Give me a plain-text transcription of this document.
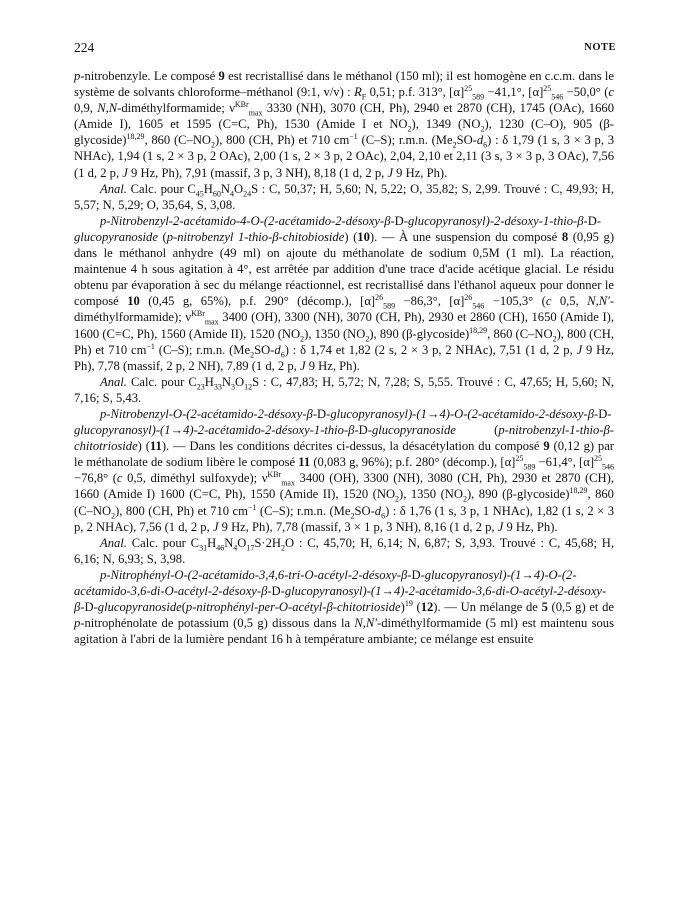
224	NOTE

p-nitrobenzyle. Le composé 9 est recristallisé dans le méthanol (150 ml); il est homogène en c.c.m. dans le système de solvants chloroforme–méthanol (9:1, v/v) : $R_F$ 0,51; p.f. 313°, $[\alpha]^{25}_{589} -41,1^\circ$, $[\alpha]^{25}_{546} -50,0^\circ$ (c 0,9, N,N-diméthylformamide; $\nu^{KBr}_{max}$ 3330 (NH), 3070 (CH, Ph), 2940 et 2870 (CH), 1745 (OAc), 1660 (Amide I), 1605 et 1595 (C=C, Ph), 1530 (Amide I et $NO_2$), 1349 $(NO_2)$, 1230 (C–O), 905 (β-glycoside)$^{18,29}$, 860 $(C-NO_2)$, 800 (CH, Ph) et 710 $cm^{-1}$ (C–S); r.m.n. $(Me_2SO-d_6)$ : δ 1,79 (1 s, 3 × 3 p, 3 NHAc), 1,94 (1 s, 2 × 3 p, 2 OAc), 2,00 (1 s, 2 × 3 p, 2 OAc), 2,04, 2,10 et 2,11 (3 s, 3 × 3 p, 3 OAc), 7,56 (1 d, 2 p, J 9 Hz, Ph), 7,91 (massif, 3 p, 3 NH), 8,18 (1 d, 2 p, J 9 Hz, Ph).

Anal. Calc. pour $C_{45}H_{60}N_4O_{24}S$ : C, 50,37; H, 5,60; N, 5,22; O, 35,82; S, 2,99. Trouvé : C, 49,93; H, 5,57; N, 5,29; O, 35,64, S, 3,08.

p-Nitrobenzyl-2-acétamido-4-O-(2-acétamido-2-désoxy-β-D-glucopyranosyl)-2-désoxy-1-thio-β-D-glucopyranoside (p-nitrobenzyl 1-thio-β-chitobioside) (10). — À une suspension du composé 8 (0,95 g) dans le méthanol anhydre (49 ml) on ajoute du méthanolate de sodium 0,5M (1 ml). La réaction, maintenue 4 h sous agitation à 4°, est arrêtée par addition d'une trace d'acide acétique glacial. Le résidu obtenu par évaporation à sec du mélange réactionnel, est recristallisé dans l'éthanol aqueux pour donner le composé 10 (0,45 g, 65%), p.f. 290° (décomp.), $[\alpha]^{26}_{589} -86,3^\circ$, $[\alpha]^{26}_{546} -105,3^\circ$ (c 0,5, N,N'-diméthylformamide); $\nu^{KBr}_{max}$ 3400 (OH), 3300 (NH), 3070 (CH, Ph), 2930 et 2860 (CH), 1650 (Amide I), 1600 (C=C, Ph), 1560 (Amide II), 1520 $(NO_2)$, 1350 $(NO_2)$, 890 (β-glycoside)$^{18,29}$, 860 $(C-NO_2)$, 800 (CH, Ph) et 710 $cm^{-1}$ (C–S); r.m.n. $(Me_2SO-d_6)$ : δ 1,74 et 1,82 (2 s, 2 × 3 p, 2 NHAc), 7,51 (1 d, 2 p, J 9 Hz, Ph), 7,78 (massif, 2 p, 2 NH), 7,89 (1 d, 2 p, J 9 Hz, Ph).

Anal. Calc. pour $C_{23}H_{33}N_3O_{12}S$ : C, 47,83; H, 5,72; N, 7,28; S, 5,55. Trouvé : C, 47,65; H, 5,60; N, 7,16; S, 5,43.

p-Nitrobenzyl-O-(2-acétamido-2-désoxy-β-D-glucopyranosyl)-(1→4)-O-(2-acétamido-2-désoxy-β-D-glucopyranosyl)-(1→4)-2-acétamido-2-désoxy-1-thio-β-D-glucopyranoside (p-nitrobenzyl-1-thio-β-chitotrioside) (11). — Dans les conditions décrites ci-dessus, la désacétylation du composé 9 (0,12 g) par le méthanolate de sodium libère le composé 11 (0,083 g, 96%); p.f. 280° (décomp.), $[\alpha]^{25}_{589} -61,4^\circ$, $[\alpha]^{25}_{546} -76,8^\circ$ (c 0,5, diméthyl sulfoxyde); $\nu^{KBr}_{max}$ 3400 (OH), 3300 (NH), 3080 (CH, Ph), 2930 et 2870 (CH), 1660 (Amide I) 1600 (C=C, Ph), 1550 (Amide II), 1520 $(NO_2)$, 1350 $(NO_2)$, 890 (β-glycoside)$^{18,29}$, 860 $(C-NO_2)$, 800 (CH, Ph) et 710 $cm^{-1}$ (C–S); r.m.n. $(Me_2SO-d_6)$ : δ 1,76 (1 s, 3 p, 1 NHAc), 1,82 (1 s, 2 × 3 p, 2 NHAc), 7,56 (1 d, 2 p, J 9 Hz, Ph), 7,78 (massif, 3 × 1 p, 3 NH), 8,16 (1 d, 2 p, J 9 Hz, Ph).

Anal. Calc. pour $C_{31}H_{46}N_4O_{17}S\cdot 2H_2O$ : C, 45,70; H, 6,14; N, 6,87; S, 3,93. Trouvé : C, 45,68; H, 6,16; N, 6,93; S, 3,98.

p-Nitrophényl-O-(2-acétamido-3,4,6-tri-O-acétyl-2-désoxy-β-D-glucopyranosyl)-(1→4)-O-(2-acétamido-3,6-di-O-acétyl-2-désoxy-β-D-glucopyranosyl)-(1→4)-2-acétamido-3,6-di-O-acétyl-2-désoxy-β-D-glucopyranoside(p-nitrophényl-per-O-acétyl-β-chitotrioside)$^{19}$ (12). — Un mélange de 5 (0,5 g) et de p-nitrophénolate de potassium (0,5 g) dissous dans la N,N'-diméthylformamide (5 ml) est maintenu sous agitation à l'abri de la lumière pendant 16 h à température ambiante; ce mélange est ensuite
